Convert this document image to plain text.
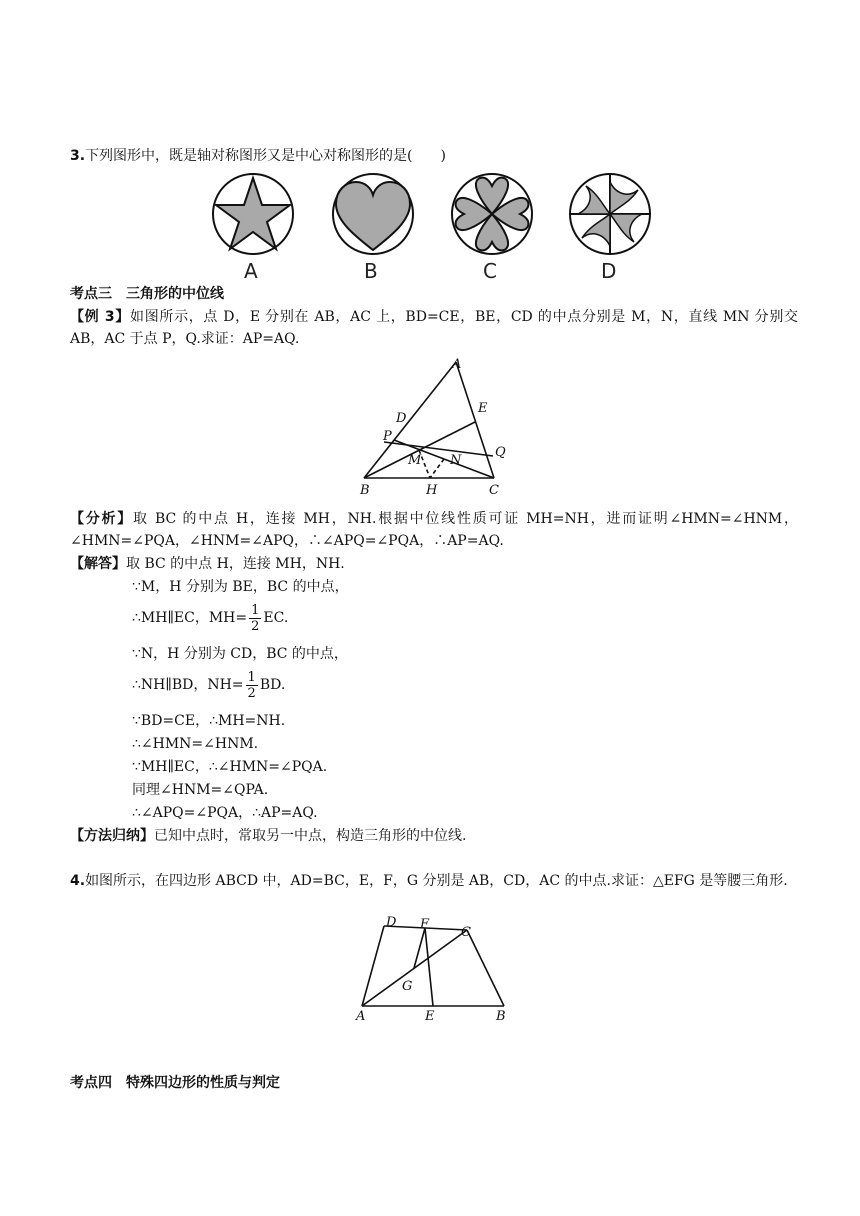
3.下列图形中，既是轴对称图形又是中心对称图形的是(　　)
A	B	C	D
考点三　三角形的中位线
【例 3】如图所示，点 D，E 分别在 AB，AC 上，BD=CE，BE，CD 的中点分别是 M，N，直线 MN 分别交 AB，AC 于点 P，Q.求证：AP=AQ.
A
D
E
P
Q
M N
B	H	C
【分析】取 BC 的中点 H，连接 MH，NH.根据中位线性质可证 MH=NH，进而证明∠HMN=∠HNM，∠HMN=∠PQA，∠HNM=∠APQ，∴∠APQ=∠PQA，∴AP=AQ.
【解答】取 BC 的中点 H，连接 MH，NH.
∵M，H 分别为 BE，BC 的中点，
∴MH∥EC，$MH= \frac{1}{2}$ EC.
∵N，H 分别为 CD，BC 的中点，
∴NH∥BD，$NH= \frac{1}{2}$ BD.
∵BD=CE，∴MH=NH.
∴∠HMN=∠HNM.
∵MH∥EC，∴∠HMN=∠PQA.
同理∠HNM=∠QPA.
∴∠APQ=∠PQA，∴AP=AQ.
【方法归纳】已知中点时，常取另一中点，构造三角形的中位线.
4.如图所示，在四边形 ABCD 中，AD=BC，E，F，G 分别是 AB，CD，AC 的中点.求证：△EFG 是等腰三角形.
D F
C
G
A	E	B
考点四　特殊四边形的性质与判定
